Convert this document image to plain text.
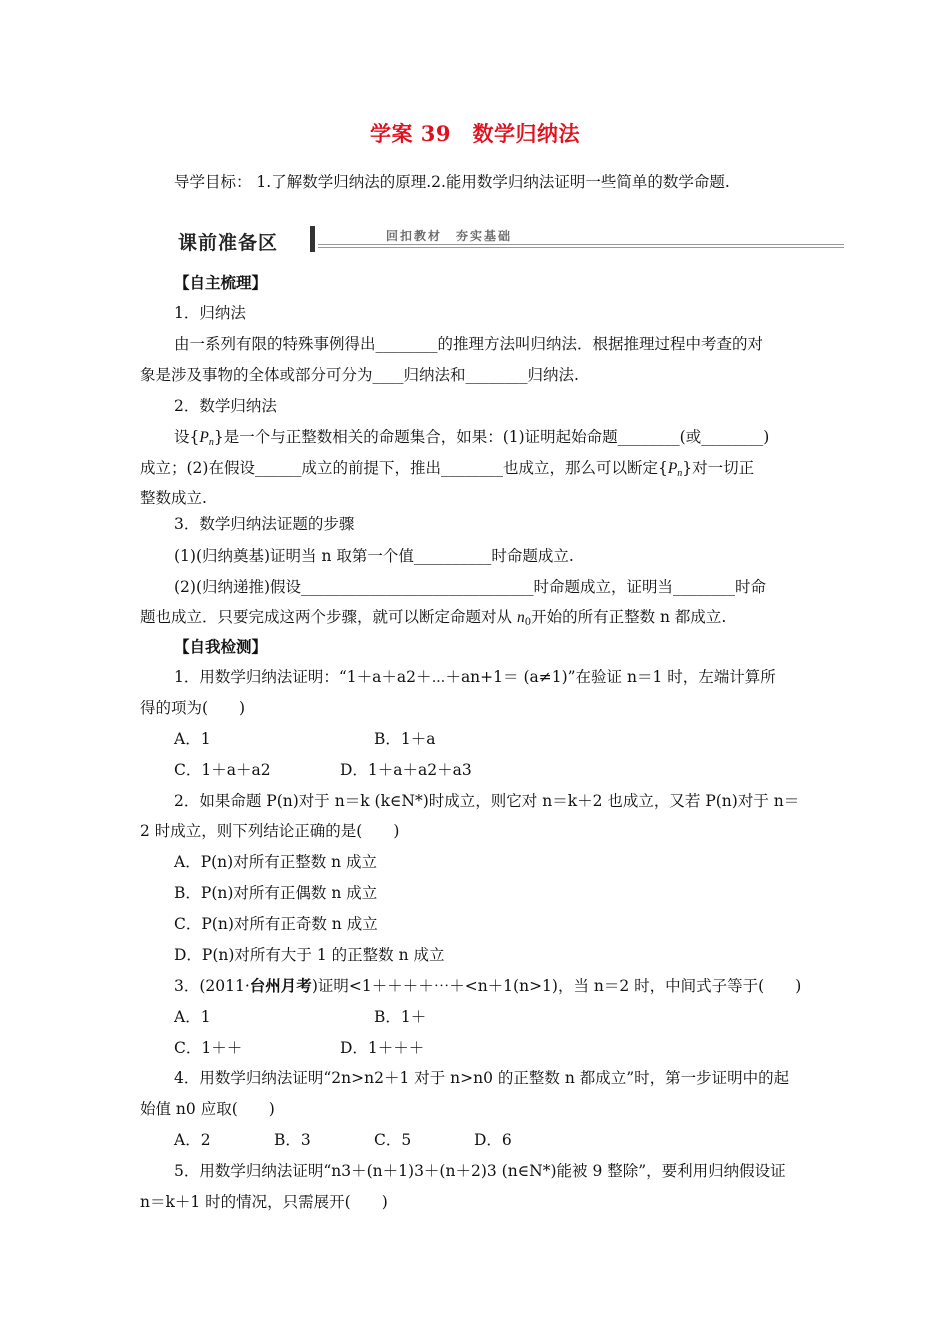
学案 39　数学归纳法
导学目标： 1.了解数学归纳法的原理.2.能用数学归纳法证明一些简单的数学命题.
课前准备区	回扣教材　夯实基础
【自主梳理】
1．归纳法
由一系列有限的特殊事例得出________的推理方法叫归纳法．根据推理过程中考查的对
象是涉及事物的全体或部分可分为____归纳法和________归纳法.
2．数学归纳法
设$\{P_n\}$是一个与正整数相关的命题集合，如果：(1)证明起始命题________(或________)
成立；(2)在假设______成立的前提下，推出________也成立，那么可以断定$\{P_n\}$对一切正
整数成立.
3．数学归纳法证题的步骤
(1)(归纳奠基)证明当 n 取第一个值__________时命题成立.
(2)(归纳递推)假设______________________________时命题成立，证明当________时命
题也成立．只要完成这两个步骤，就可以断定命题对从 $n_0$开始的所有正整数 n 都成立.
【自我检测】
1．用数学归纳法证明：“1＋a＋a2＋⋯＋an+1＝ (a≠1)”在验证 n＝1 时，左端计算所
得的项为(　　)
A．1	B．1＋a
C．1＋a＋a2	D．1＋a＋a2＋a3
2．如果命题 P(n)对于 n＝k (k∈N*)时成立，则它对 n＝k＋2 也成立，又若 P(n)对于 n＝
2 时成立，则下列结论正确的是(　　)
A．P(n)对所有正整数 n 成立
B．P(n)对所有正偶数 n 成立
C．P(n)对所有正奇数 n 成立
D．P(n)对所有大于 1 的正整数 n 成立
3．(2011·台州月考)证明<1＋＋＋＋⋯＋<n＋1(n>1)，当 n＝2 时，中间式子等于(　　)
A．1	B．1＋
C．1＋＋	D．1＋＋＋
4．用数学归纳法证明“2n>n2＋1 对于 n>n0 的正整数 n 都成立”时，第一步证明中的起
始值 n0 应取(　　)
A．2	B．3	C．5	D．6
5．用数学归纳法证明“n3＋(n＋1)3＋(n＋2)3 (n∈N*)能被 9 整除”，要利用归纳假设证
n＝k＋1 时的情况，只需展开(　　)
